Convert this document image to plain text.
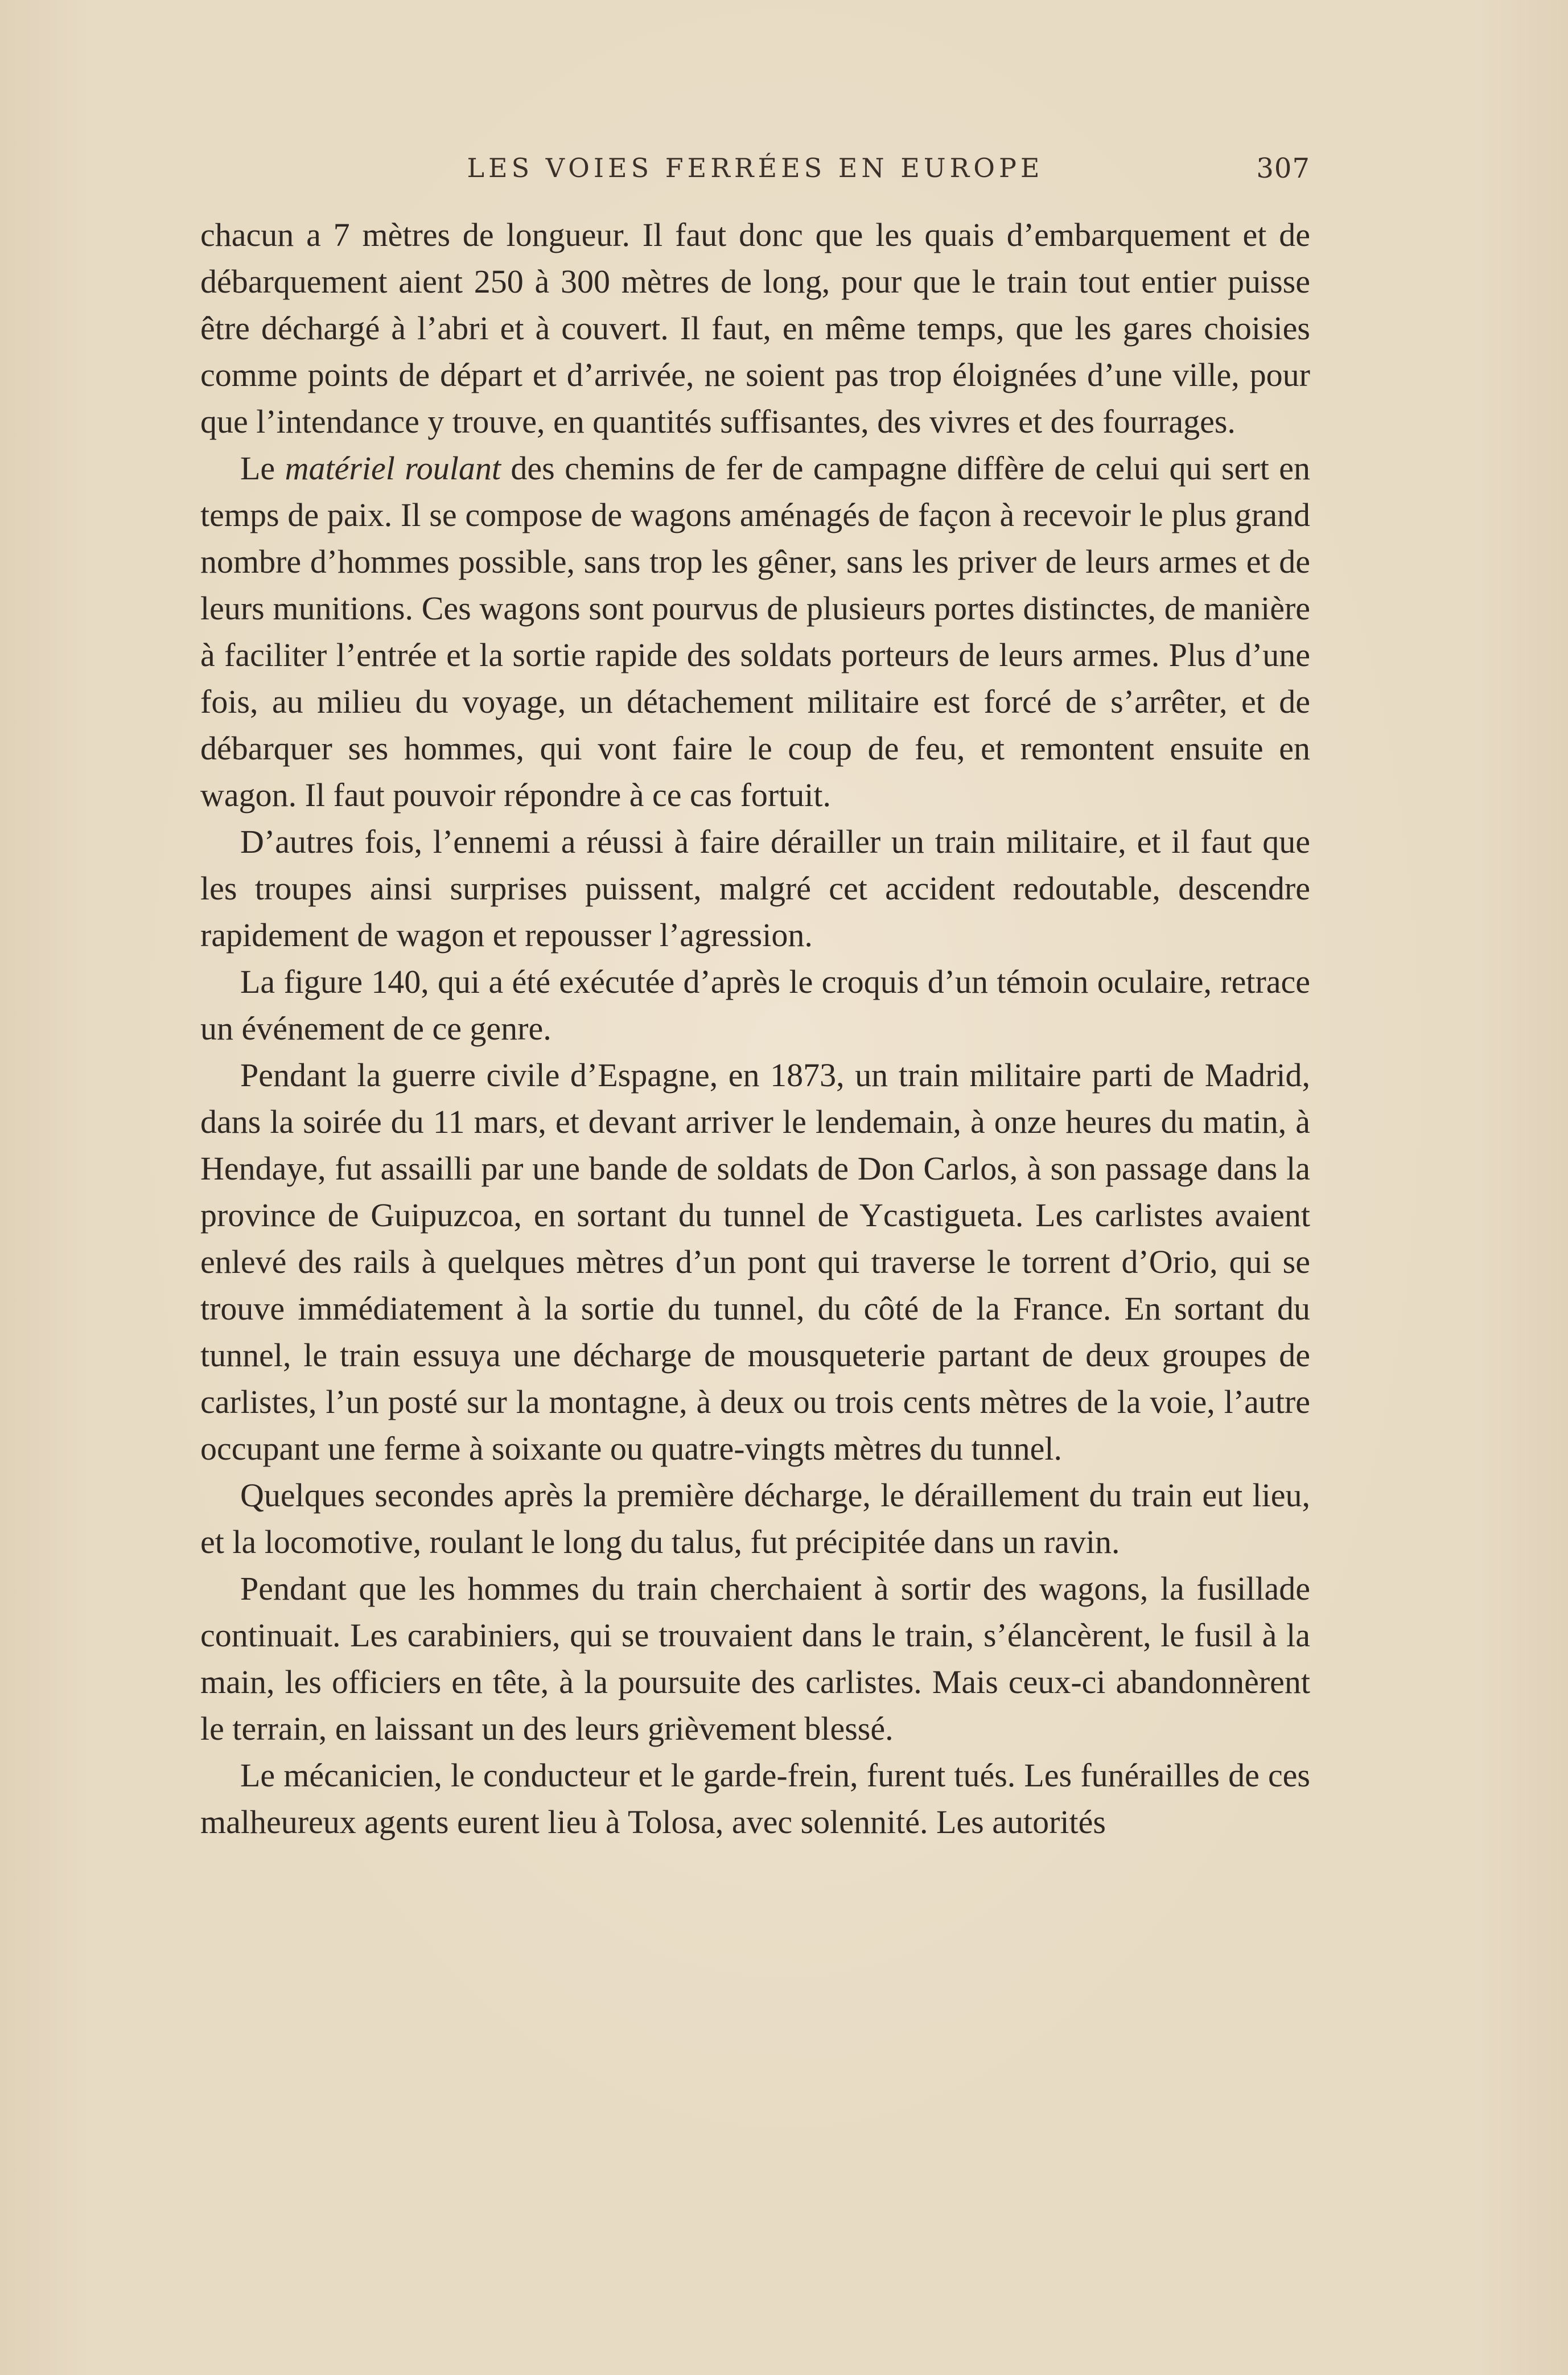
LES VOIES FERRÉES EN EUROPE	307

chacun a 7 mètres de longueur. Il faut donc que les quais d’embarquement et de débarquement aient 250 à 300 mètres de long, pour que le train tout entier puisse être déchargé à l’abri et à couvert. Il faut, en même temps, que les gares choisies comme points de départ et d’arrivée, ne soient pas trop éloignées d’une ville, pour que l’intendance y trouve, en quantités suffisantes, des vivres et des fourrages.

Le matériel roulant des chemins de fer de campagne diffère de celui qui sert en temps de paix. Il se compose de wagons aménagés de façon à recevoir le plus grand nombre d’hommes possible, sans trop les gêner, sans les priver de leurs armes et de leurs munitions. Ces wagons sont pourvus de plusieurs portes distinctes, de manière à faciliter l’entrée et la sortie rapide des soldats porteurs de leurs armes. Plus d’une fois, au milieu du voyage, un détachement militaire est forcé de s’arrêter, et de débarquer ses hommes, qui vont faire le coup de feu, et remontent ensuite en wagon. Il faut pouvoir répondre à ce cas fortuit.

D’autres fois, l’ennemi a réussi à faire dérailler un train militaire, et il faut que les troupes ainsi surprises puissent, malgré cet accident redoutable, descendre rapidement de wagon et repousser l’agression.

La figure 140, qui a été exécutée d’après le croquis d’un témoin oculaire, retrace un événement de ce genre.

Pendant la guerre civile d’Espagne, en 1873, un train militaire parti de Madrid, dans la soirée du 11 mars, et devant arriver le lendemain, à onze heures du matin, à Hendaye, fut assailli par une bande de soldats de Don Carlos, à son passage dans la province de Guipuzcoa, en sortant du tunnel de Ycastigueta. Les carlistes avaient enlevé des rails à quelques mètres d’un pont qui traverse le torrent d’Orio, qui se trouve immédiatement à la sortie du tunnel, du côté de la France. En sortant du tunnel, le train essuya une décharge de mousqueterie partant de deux groupes de carlistes, l’un posté sur la montagne, à deux ou trois cents mètres de la voie, l’autre occupant une ferme à soixante ou quatre-vingts mètres du tunnel.

Quelques secondes après la première décharge, le déraillement du train eut lieu, et la locomotive, roulant le long du talus, fut précipitée dans un ravin.

Pendant que les hommes du train cherchaient à sortir des wagons, la fusillade continuait. Les carabiniers, qui se trouvaient dans le train, s’élancèrent, le fusil à la main, les officiers en tête, à la poursuite des carlistes. Mais ceux-ci abandonnèrent le terrain, en laissant un des leurs grièvement blessé.

Le mécanicien, le conducteur et le garde-frein, furent tués. Les funérailles de ces malheureux agents eurent lieu à Tolosa, avec solennité. Les autorités
